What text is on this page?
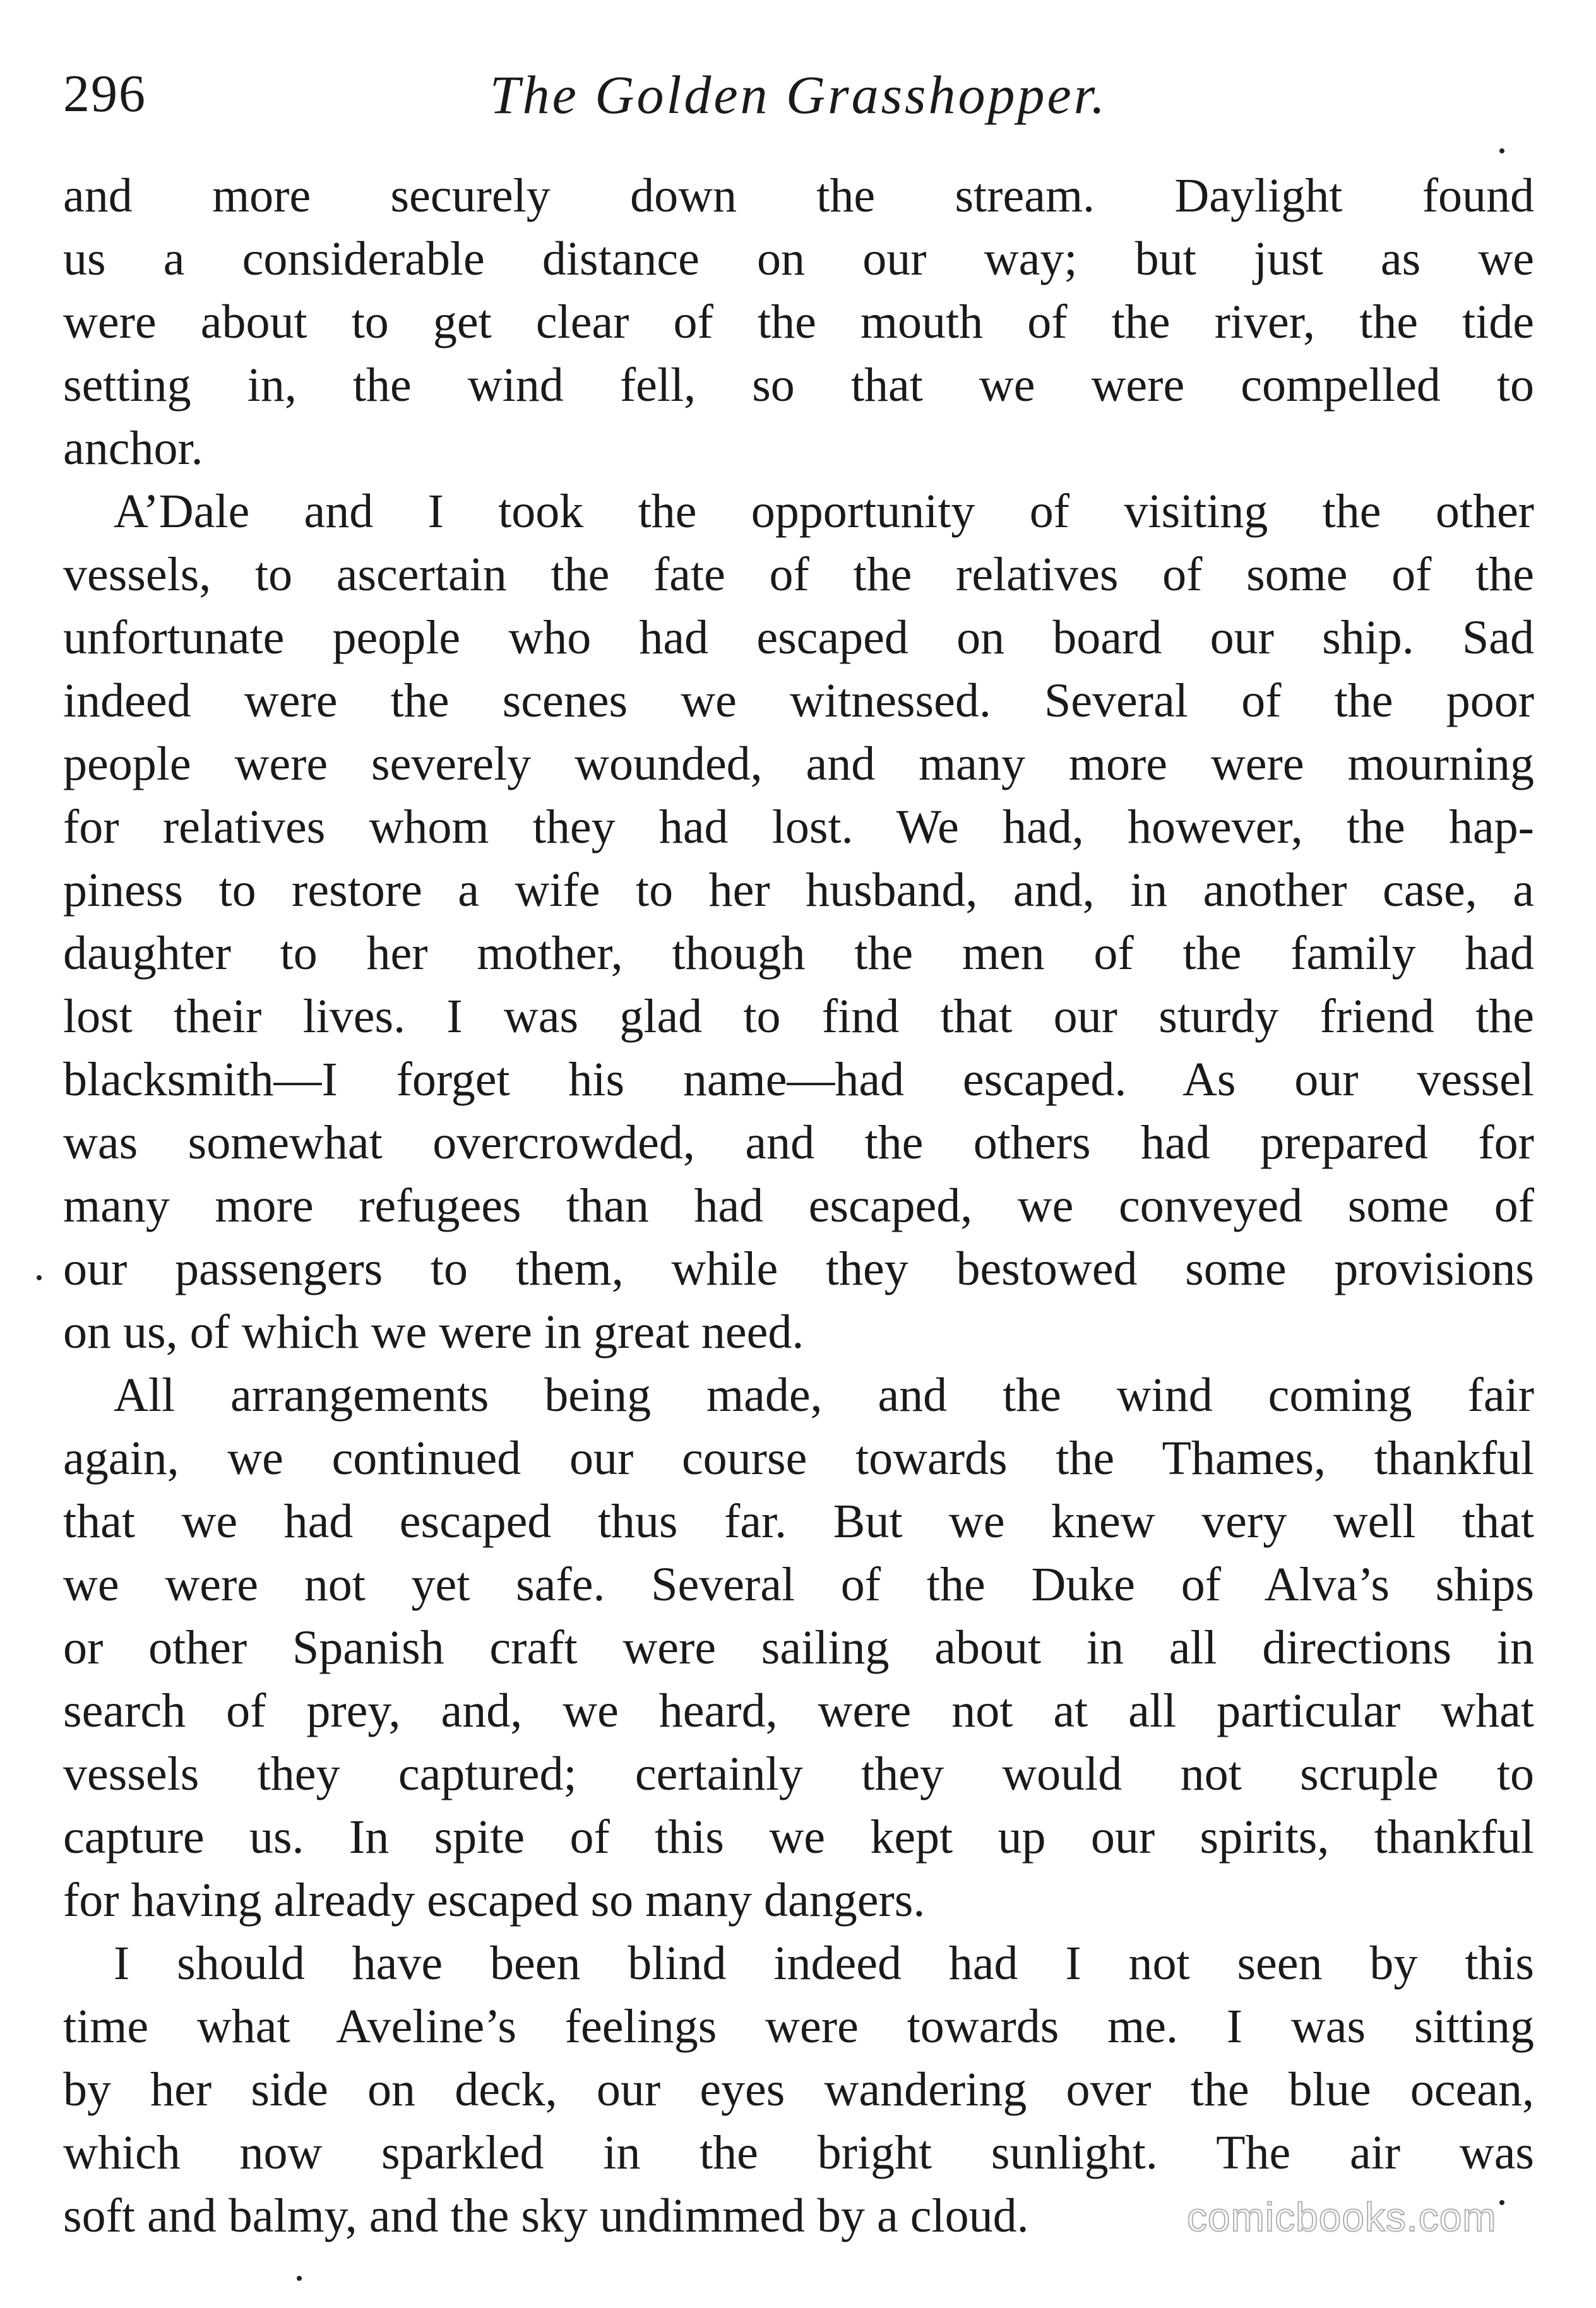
296	The Golden Grasshopper.
and more securely down the stream. Daylight found
us a considerable distance on our way; but just as we
were about to get clear of the mouth of the river, the tide
setting in, the wind fell, so that we were compelled to
anchor.
A’Dale and I took the opportunity of visiting the other
vessels, to ascertain the fate of the relatives of some of the
unfortunate people who had escaped on board our ship. Sad
indeed were the scenes we witnessed. Several of the poor
people were severely wounded, and many more were mourning
for relatives whom they had lost. We had, however, the hap-
piness to restore a wife to her husband, and, in another case, a
daughter to her mother, though the men of the family had
lost their lives. I was glad to find that our sturdy friend the
blacksmith—I forget his name—had escaped. As our vessel
was somewhat overcrowded, and the others had prepared for
many more refugees than had escaped, we conveyed some of
our passengers to them, while they bestowed some provisions
on us, of which we were in great need.
All arrangements being made, and the wind coming fair
again, we continued our course towards the Thames, thankful
that we had escaped thus far. But we knew very well that
we were not yet safe. Several of the Duke of Alva’s ships
or other Spanish craft were sailing about in all directions in
search of prey, and, we heard, were not at all particular what
vessels they captured; certainly they would not scruple to
capture us. In spite of this we kept up our spirits, thankful
for having already escaped so many dangers.
I should have been blind indeed had I not seen by this
time what Aveline’s feelings were towards me. I was sitting
by her side on deck, our eyes wandering over the blue ocean,
which now sparkled in the bright sunlight. The air was
soft and balmy, and the sky undimmed by a cloud.	comicbooks.com
